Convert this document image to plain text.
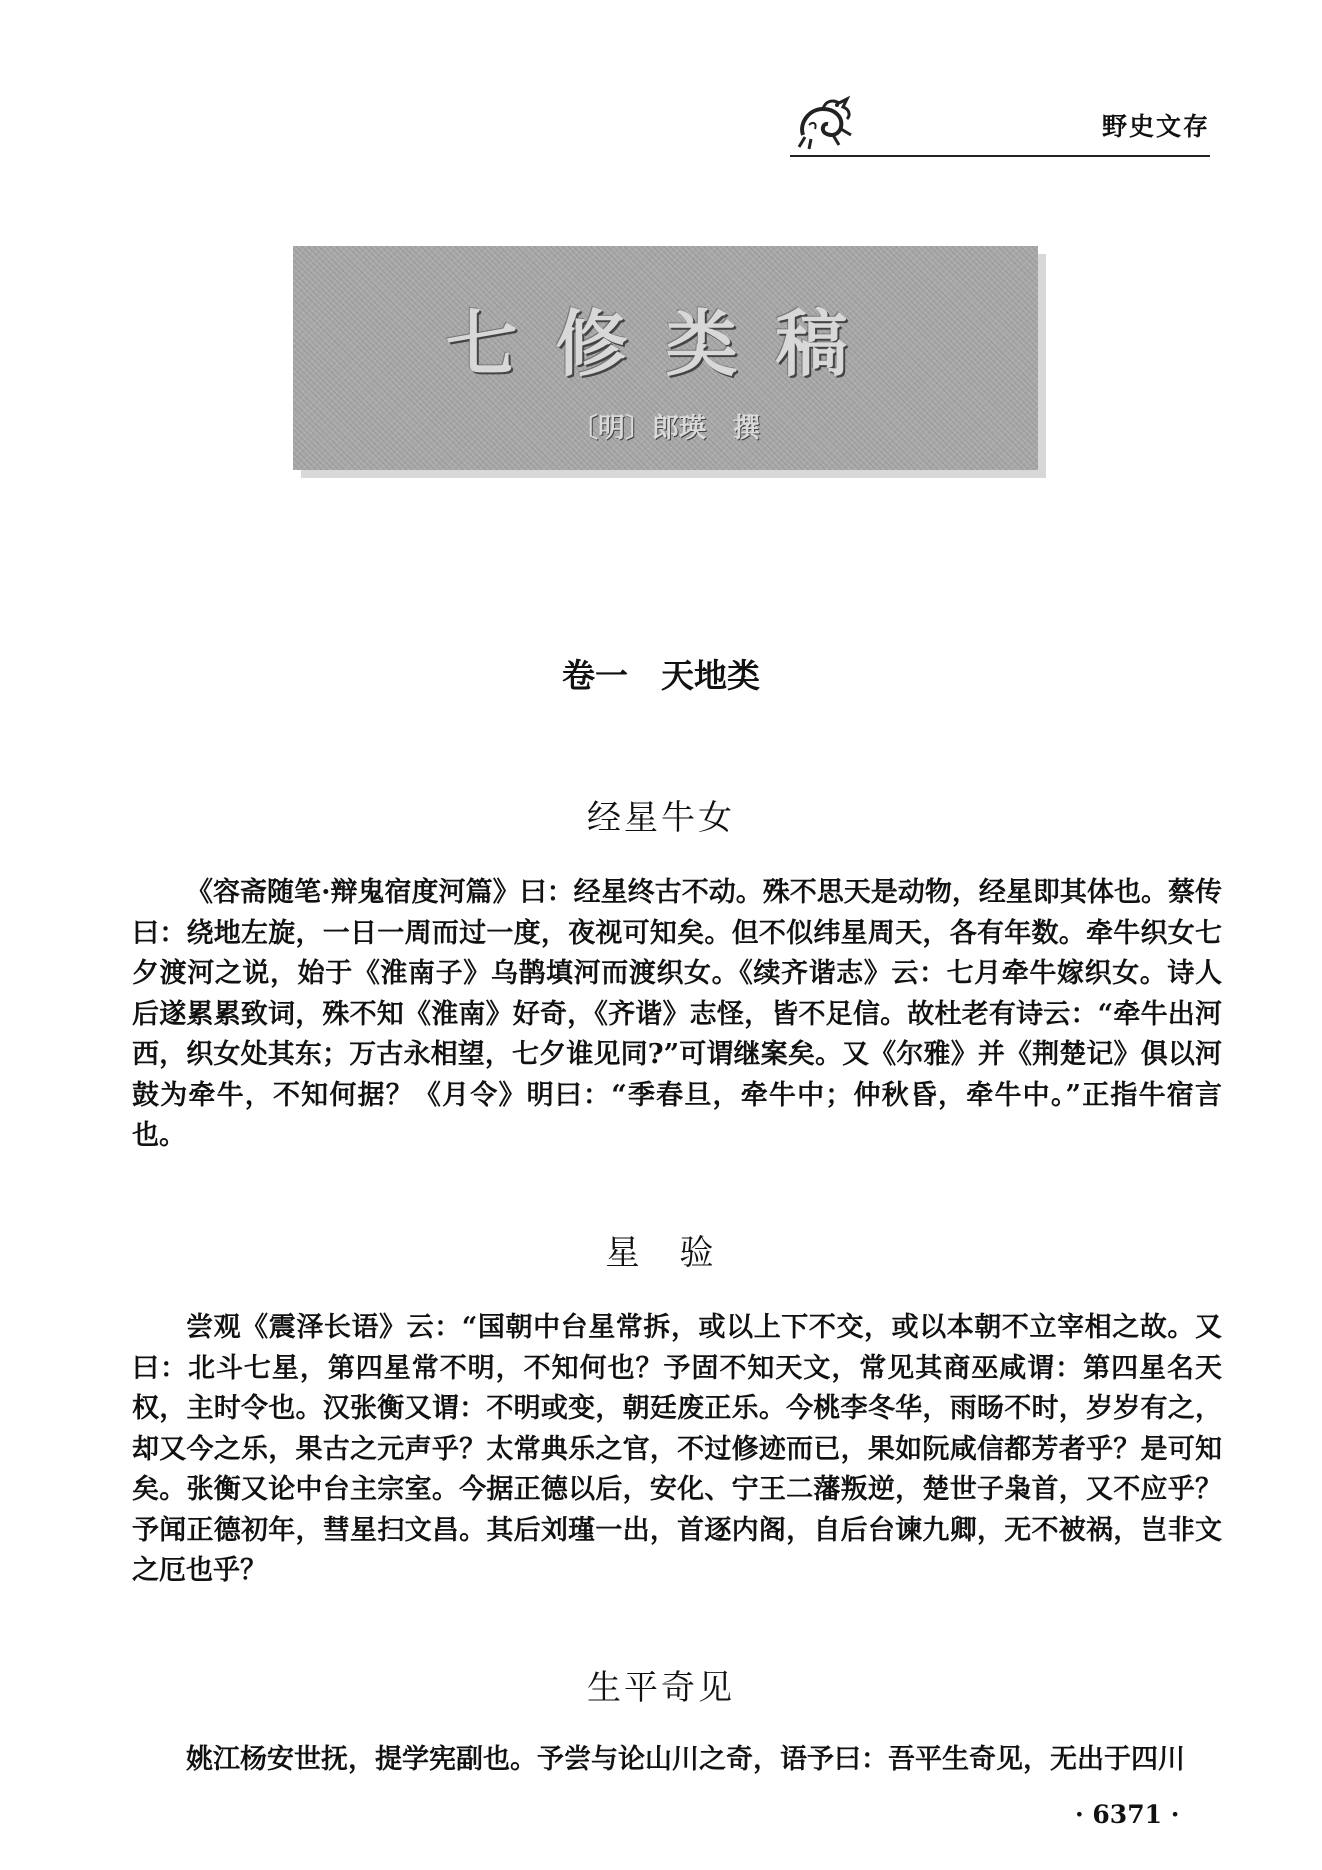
野史文存
七修类稿
〔明〕郎瑛　撰
卷一　天地类
经星牛女

《容斋随笔·辩鬼宿度河篇》曰：经星终古不动。殊不思天是动物，经星即其体也。蔡传曰：绕地左旋，一日一周而过一度，夜视可知矣。但不似纬星周天，各有年数。牵牛织女七夕渡河之说，始于《淮南子》乌鹊填河而渡织女。《续齐谐志》云：七月牵牛嫁织女。诗人后遂累累致词，殊不知《淮南》好奇，《齐谐》志怪，皆不足信。故杜老有诗云：“牵牛出河西，织女处其东；万古永相望，七夕谁见同?”可谓继案矣。又《尔雅》并《荆楚记》俱以河鼓为牵牛，不知何据？《月令》明曰：“季春旦，牵牛中；仲秋昏，牵牛中。”正指牛宿言也。

星　验

尝观《震泽长语》云：“国朝中台星常拆，或以上下不交，或以本朝不立宰相之故。又曰：北斗七星，第四星常不明，不知何也？予固不知天文，常见其商巫咸谓：第四星名天权，主时令也。汉张衡又谓：不明或变，朝廷废正乐。今桃李冬华，雨旸不时，岁岁有之，却又今之乐，果古之元声乎？太常典乐之官，不过修迹而已，果如阮咸信都芳者乎？是可知矣。张衡又论中台主宗室。今据正德以后，安化、宁王二藩叛逆，楚世子枭首，又不应乎？予闻正德初年，彗星扫文昌。其后刘瑾一出，首逐内阁，自后台谏九卿，无不被祸，岂非文之厄也乎？

生平奇见

姚江杨安世抚，提学宪副也。予尝与论山川之奇，语予曰：吾平生奇见，无出于四川

· 6371 ·
